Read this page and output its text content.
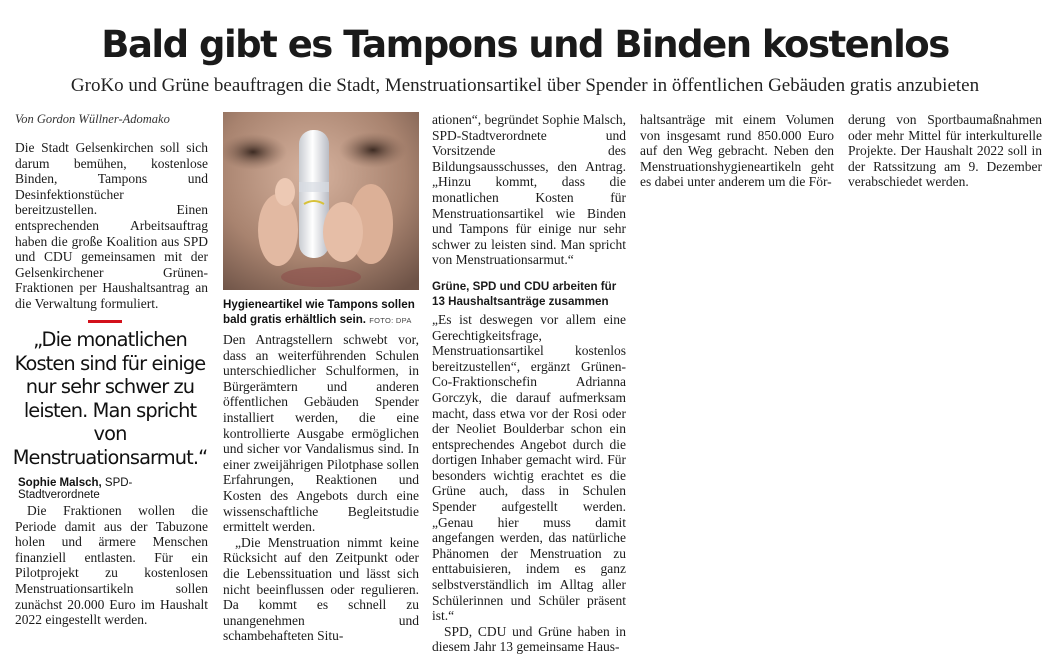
Bald gibt es Tampons und Binden kostenlos
GroKo und Grüne beauftragen die Stadt, Menstruationsartikel über Spender in öffentlichen Gebäuden gratis anzubieten
Von Gordon Wüllner-Adomako

Die Stadt Gelsenkirchen soll sich darum bemühen, kostenlose Binden, Tampons und Desinfektionstücher bereitzustellen. Einen entsprechenden Arbeitsauftrag haben die große Koalition aus SPD und CDU gemeinsamen mit der Gelsenkirchener Grünen-Fraktionen per Haushaltsantrag an die Verwaltung formuliert.

„Die monatlichen Kosten sind für einige nur sehr schwer zu leisten. Man spricht von Menstruationsarmut.“
Sophie Malsch, SPD-Stadtverordnete

Die Fraktionen wollen die Periode damit aus der Tabuzone holen und ärmere Menschen finanziell entlasten. Für ein Pilotprojekt zu kostenlosen Menstruationsartikeln sollen zunächst 20.000 Euro im Haushalt 2022 eingestellt werden.

Hygieneartikel wie Tampons sollen bald gratis erhältlich sein. FOTO: DPA

Den Antragstellern schwebt vor, dass an weiterführenden Schulen unterschiedlicher Schulformen, in Bürgerämtern und anderen öffentlichen Gebäuden Spender installiert werden, die eine kontrollierte Ausgabe ermöglichen und sicher vor Vandalismus sind. In einer zweijährigen Pilotphase sollen Erfahrungen, Reaktionen und Kosten des Angebots durch eine wissenschaftliche Begleitstudie ermittelt werden.

„Die Menstruation nimmt keine Rücksicht auf den Zeitpunkt oder die Lebenssituation und lässt sich nicht beeinflussen oder regulieren. Da kommt es schnell zu unangenehmen und schambehafteten Situ-

ationen“, begründet Sophie Malsch, SPD-Stadtverordnete und Vorsitzende des Bildungsausschusses, den Antrag. „Hinzu kommt, dass die monatlichen Kosten für Menstruationsartikel wie Binden und Tampons für einige nur sehr schwer zu leisten sind. Man spricht von Menstruationsarmut.“

Grüne, SPD und CDU arbeiten für 13 Haushaltsanträge zusammen

„Es ist deswegen vor allem eine Gerechtigkeitsfrage, Menstruationsartikel kostenlos bereitzustellen“, ergänzt Grünen-Co-Fraktionschefin Adrianna Gorczyk, die darauf aufmerksam macht, dass etwa vor der Rosi oder der Neoliet Boulderbar schon ein entsprechendes Angebot durch die dortigen Inhaber gemacht wird. Für besonders wichtig erachtet es die Grüne auch, dass in Schulen Spender aufgestellt werden. „Genau hier muss damit angefangen werden, das natürliche Phänomen der Menstruation zu enttabuisieren, indem es ganz selbstverständlich im Alltag aller Schülerinnen und Schüler präsent ist.“

SPD, CDU und Grüne haben in diesem Jahr 13 gemeinsame Haus-

haltsanträge mit einem Volumen von insgesamt rund 850.000 Euro auf den Weg gebracht. Neben den Menstruationshygieneartikeln geht es dabei unter anderem um die För-

derung von Sportbaumaßnahmen oder mehr Mittel für interkulturelle Projekte. Der Haushalt 2022 soll in der Ratssitzung am 9. Dezember verabschiedet werden.
